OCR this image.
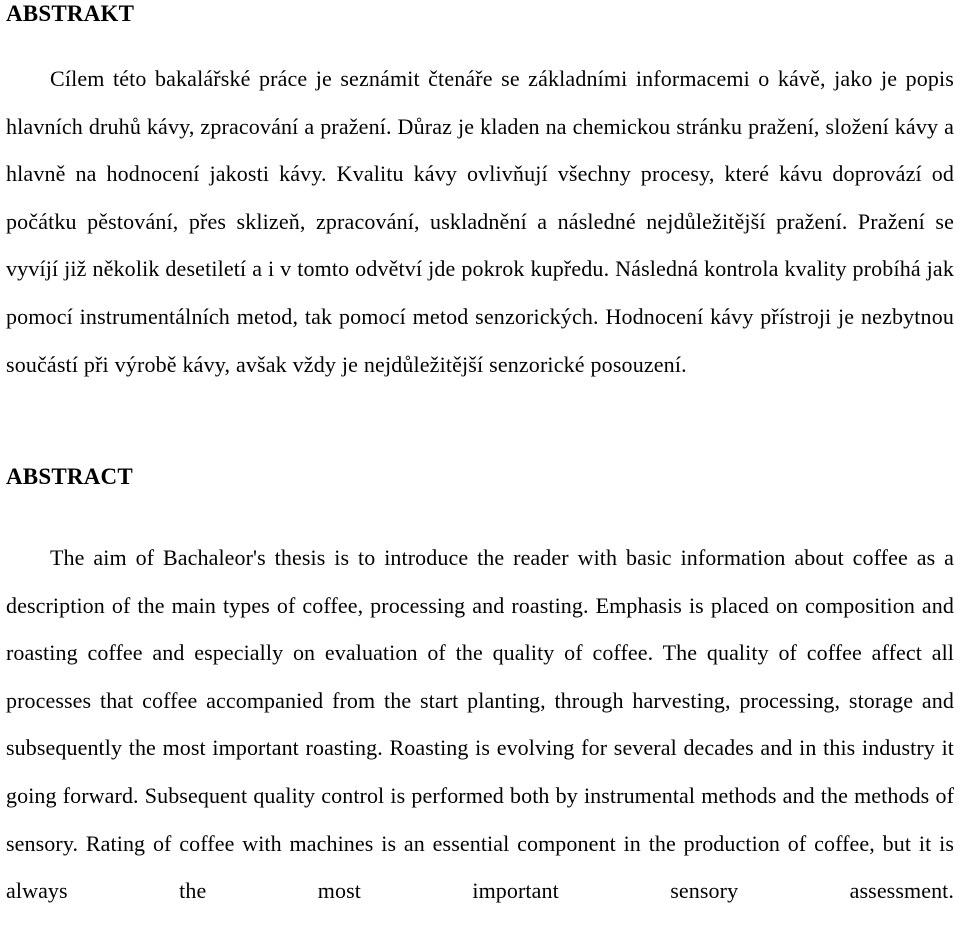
ABSTRAKT

Cílem této bakalářské práce je seznámit čtenáře se základními informacemi o kávě, jako je popis hlavních druhů kávy, zpracování a pražení. Důraz je kladen na chemickou stránku pražení, složení kávy a hlavně na hodnocení jakosti kávy. Kvalitu kávy ovlivňují všechny procesy, které kávu doprovází od počátku pěstování, přes sklizeň, zpracování, uskladnění a následné nejdůležitější pražení. Pražení se vyvíjí již několik desetiletí a i v tomto odvětví jde pokrok kupředu. Následná kontrola kvality probíhá jak pomocí instrumentálních metod, tak pomocí metod senzorických. Hodnocení kávy přístroji je nezbytnou součástí při výrobě kávy, avšak vždy je nejdůležitější senzorické posouzení.

ABSTRACT

The aim of Bachaleor's thesis is to introduce the reader with basic information about coffee as a description of the main types of coffee, processing and roasting. Emphasis is placed on composition and roasting coffee and especially on evaluation of the quality of coffee. The quality of coffee affect all processes that coffee accompanied from the start planting, through harvesting, processing, storage and subsequently the most important roasting. Roasting is evolving for several decades and in this industry it going forward. Subsequent quality control is performed both by instrumental methods and the methods of sensory. Rating of coffee with machines is an essential component in the production of coffee, but it is always the most important sensory assessment.
